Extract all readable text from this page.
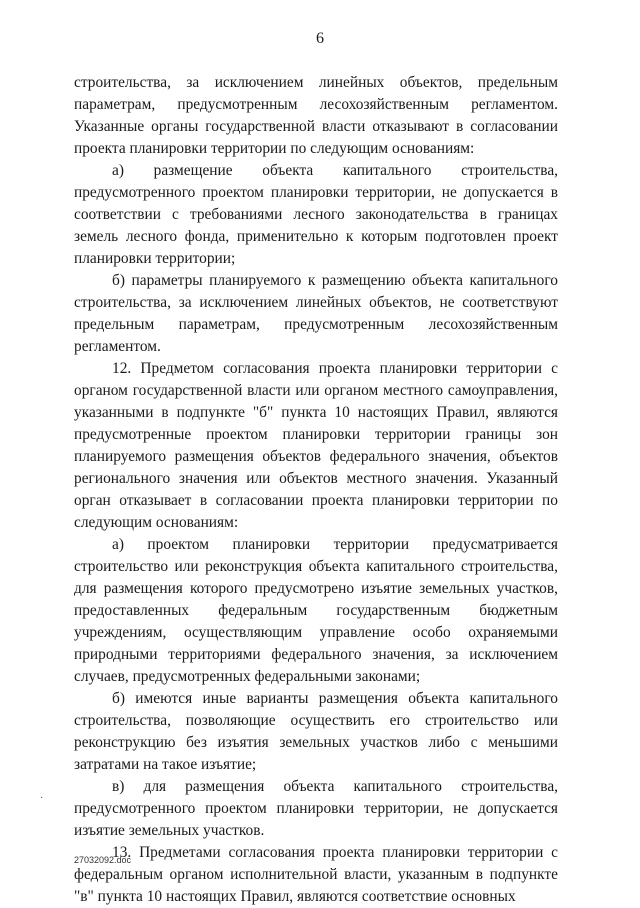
6

строительства, за исключением линейных объектов, предельным параметрам, предусмотренным лесохозяйственным регламентом. Указанные органы государственной власти отказывают в согласовании проекта планировки территории по следующим основаниям:

а) размещение объекта капитального строительства, предусмотренного проектом планировки территории, не допускается в соответствии с требованиями лесного законодательства в границах земель лесного фонда, применительно к которым подготовлен проект планировки территории;

б) параметры планируемого к размещению объекта капитального строительства, за исключением линейных объектов, не соответствуют предельным параметрам, предусмотренным лесохозяйственным регламентом.

12. Предметом согласования проекта планировки территории с органом государственной власти или органом местного самоуправления, указанными в подпункте "б" пункта 10 настоящих Правил, являются предусмотренные проектом планировки территории границы зон планируемого размещения объектов федерального значения, объектов регионального значения или объектов местного значения. Указанный орган отказывает в согласовании проекта планировки территории по следующим основаниям:

а) проектом планировки территории предусматривается строительство или реконструкция объекта капитального строительства, для размещения которого предусмотрено изъятие земельных участков, предоставленных федеральным государственным бюджетным учреждениям, осуществляющим управление особо охраняемыми природными территориями федерального значения, за исключением случаев, предусмотренных федеральными законами;

б) имеются иные варианты размещения объекта капитального строительства, позволяющие осуществить его строительство или реконструкцию без изъятия земельных участков либо с меньшими затратами на такое изъятие;

в) для размещения объекта капитального строительства, предусмотренного проектом планировки территории, не допускается изъятие земельных участков.

13. Предметами согласования проекта планировки территории с федеральным органом исполнительной власти, указанным в подпункте "в" пункта 10 настоящих Правил, являются соответствие основных

·
27032092.doc
